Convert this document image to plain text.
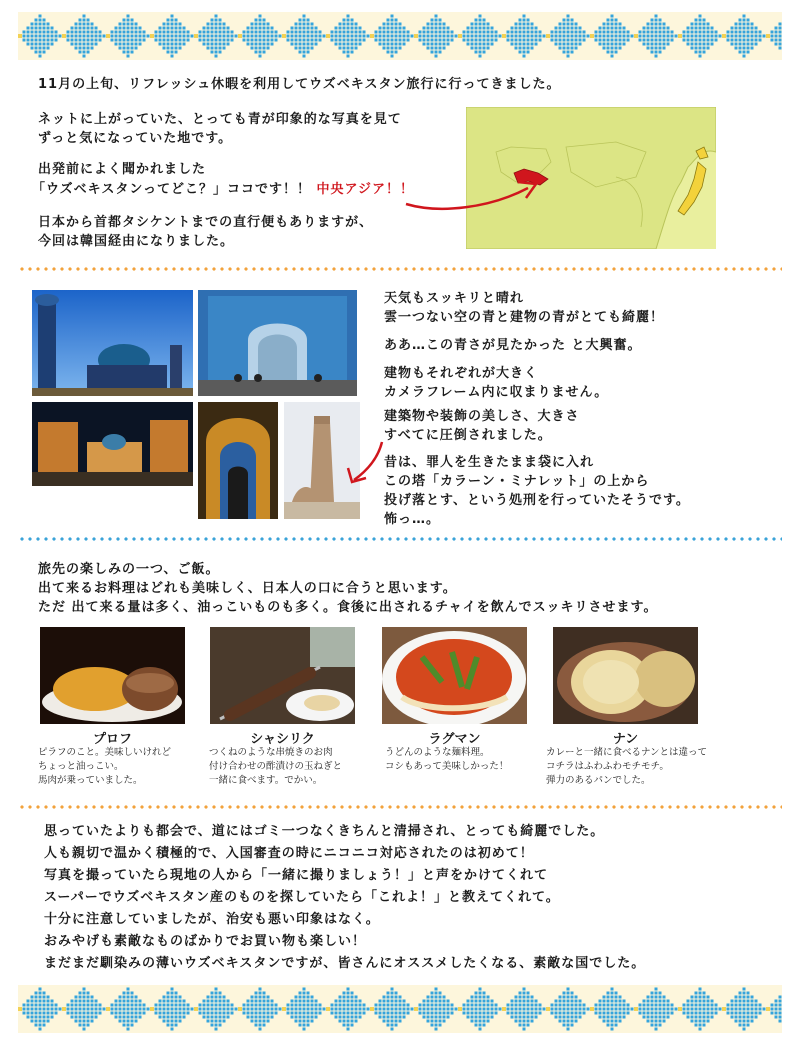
11月の上旬、リフレッシュ休暇を利用してウズベキスタン旅行に行ってきました。

ネットに上がっていた、とっても青が印象的な写真を見て

ずっと気になっていた地です。

出発前によく聞かれました

「ウズベキスタンってどこ？」ココです！！ 中央アジア！！

日本から首都タシケントまでの直行便もありますが、

今回は韓国経由になりました。

天気もスッキリと晴れ

雲一つない空の青と建物の青がとても綺麗！

ああ…この青さが見たかった と大興奮。

建物もそれぞれが大きく

カメラフレーム内に収まりません。

建築物や装飾の美しさ、大きさ

すべてに圧倒されました。

昔は、罪人を生きたまま袋に入れ

この塔「カラーン・ミナレット」の上から

投げ落とす、という処刑を行っていたそうです。

怖っ…。

旅先の楽しみの一つ、ご飯。

出て来るお料理はどれも美味しく、日本人の口に合うと思います。

ただ 出て来る量は多く、油っこいものも多く。食後に出されるチャイを飲んでスッキリさせます。

プロフ	シャシリク	ラグマン	ナン
ピラフのこと。美味しいけれど
ちょっと油っこい。
馬肉が乗っていました。
つくねのような串焼きのお肉
付け合わせの酢漬けの玉ねぎと
一緒に食べます。でかい。
うどんのような麺料理。
コシもあって美味しかった！
カレーと一緒に食べるナンとは違って
コチラはふわふわモチモチ。
弾力のあるパンでした。

思っていたよりも都会で、道にはゴミ一つなくきちんと清掃され、とっても綺麗でした。

人も親切で温かく積極的で、入国審査の時にニコニコ対応されたのは初めて！

写真を撮っていたら現地の人から「一緒に撮りましょう！」と声をかけてくれて

スーパーでウズベキスタン産のものを探していたら「これよ！」と教えてくれて。

十分に注意していましたが、治安も悪い印象はなく。

おみやげも素敵なものばかりでお買い物も楽しい！

まだまだ馴染みの薄いウズベキスタンですが、皆さんにオススメしたくなる、素敵な国でした。
